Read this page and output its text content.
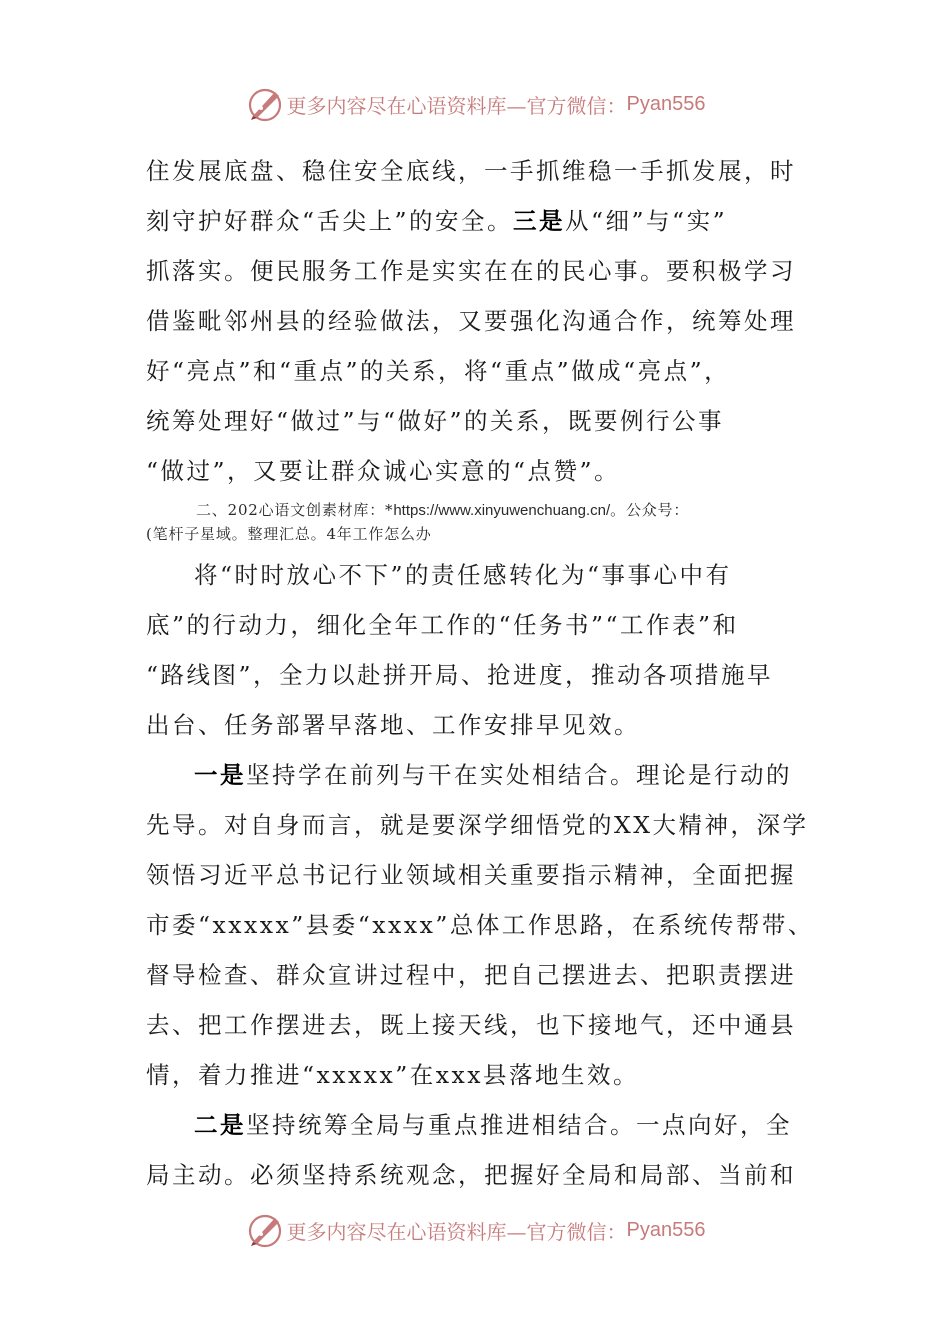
更多内容尽在心语资料库—官方微信： Pyan556
住发展底盘、稳住安全底线，一手抓维稳一手抓发展，时
刻守护好群众“舌尖上”的安全。三是从“细”与“实”
抓落实。便民服务工作是实实在在的民心事。要积极学习
借鉴毗邻州县的经验做法，又要强化沟通合作，统筹处理
好“亮点”和“重点”的关系，将“重点”做成“亮点”，
统筹处理好“做过”与“做好”的关系，既要例行公事
“做过”，又要让群众诚心实意的“点赞”。
二、202心语文创素材库：*https://www.xinyuwenchuang.cn/。公众号：
(笔杆子星域。整理汇总。4年工作怎么办
将“时时放心不下”的责任感转化为“事事心中有
底”的行动力，细化全年工作的“任务书”“工作表”和
“路线图”，全力以赴拼开局、抢进度，推动各项措施早
出台、任务部署早落地、工作安排早见效。
一是坚持学在前列与干在实处相结合。理论是行动的
先导。对自身而言，就是要深学细悟党的XX大精神，深学
领悟习近平总书记行业领域相关重要指示精神，全面把握
市委“xxxxx”县委“xxxx”总体工作思路，在系统传帮带、
督导检查、群众宣讲过程中，把自己摆进去、把职责摆进
去、把工作摆进去，既上接天线，也下接地气，还中通县
情，着力推进“xxxxx”在xxx县落地生效。
二是坚持统筹全局与重点推进相结合。一点向好，全
局主动。必须坚持系统观念，把握好全局和局部、当前和
更多内容尽在心语资料库—官方微信： Pyan556
